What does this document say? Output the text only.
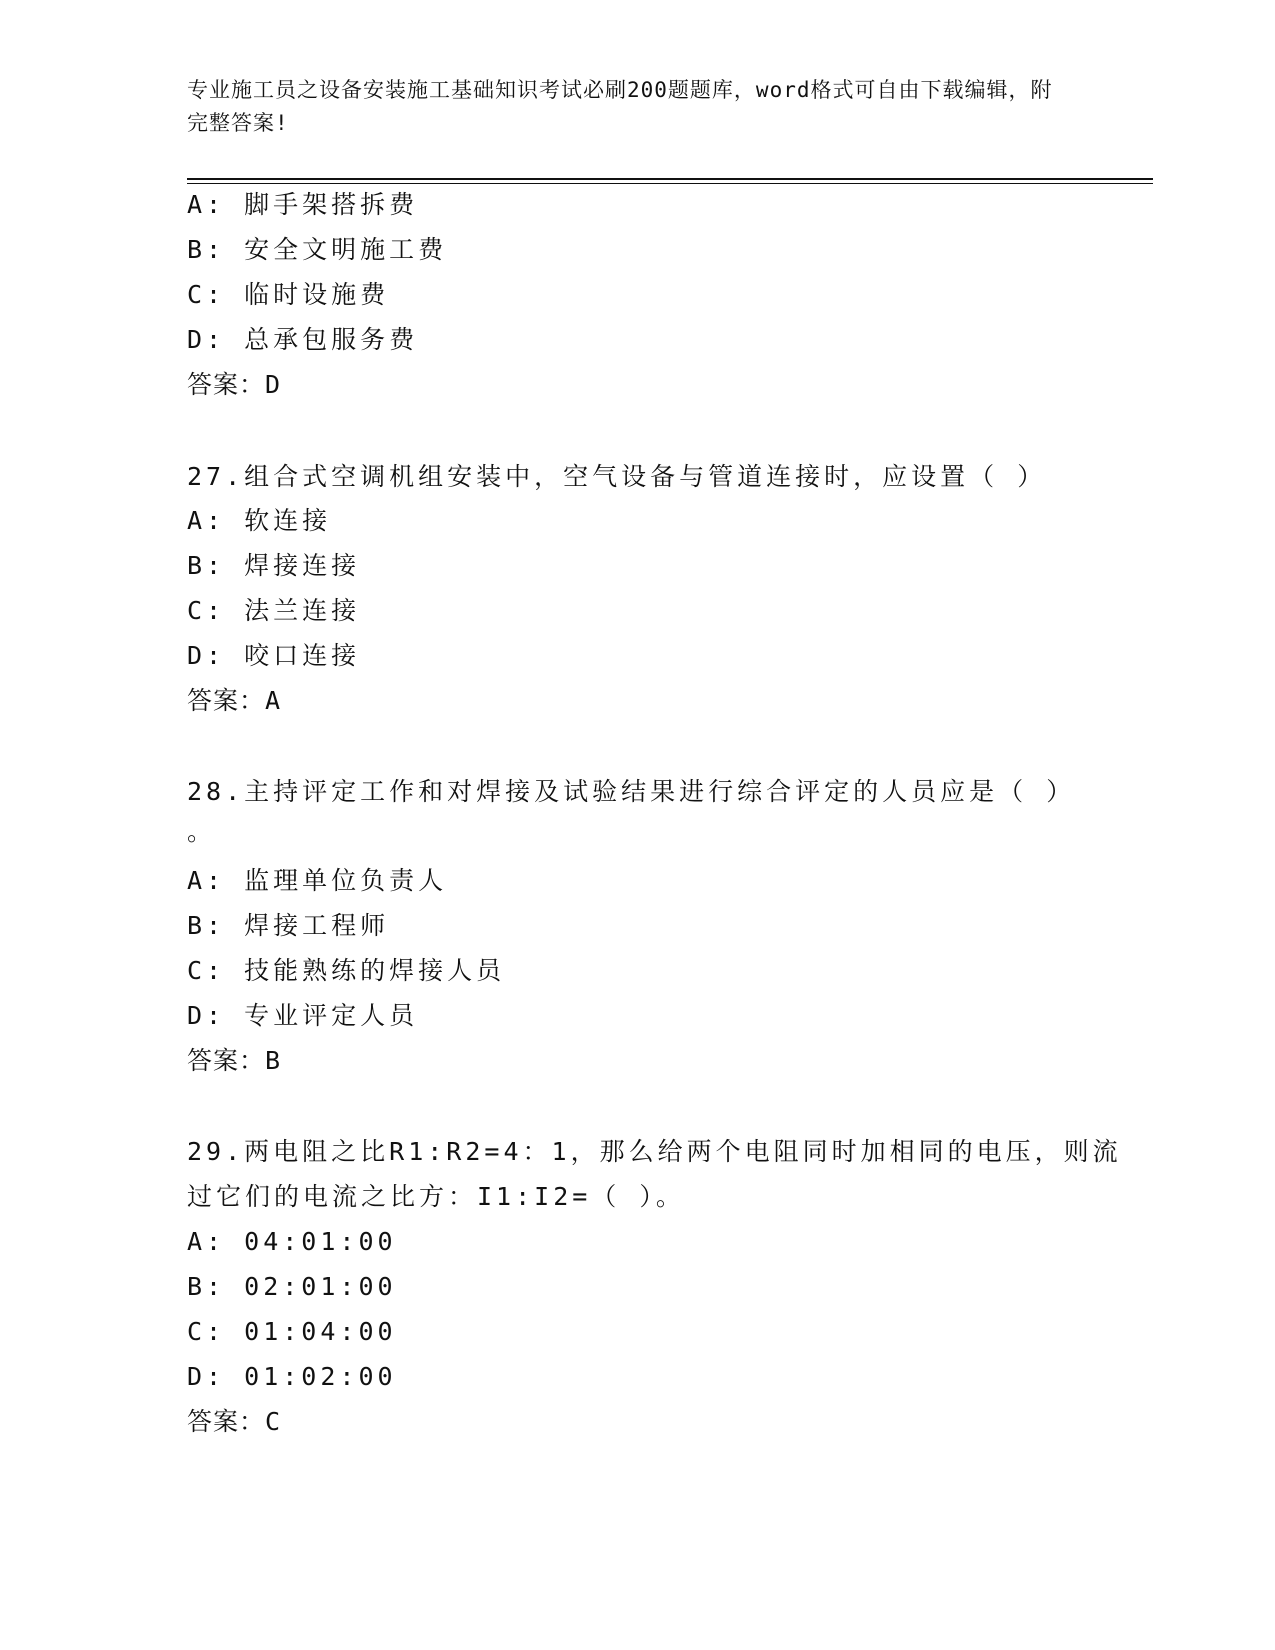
专业施工员之设备安装施工基础知识考试必刷200题题库，word格式可自由下载编辑，附完整答案!
A: 脚手架搭拆费
B: 安全文明施工费
C: 临时设施费
D: 总承包服务费
答案：D
27.组合式空调机组安装中，空气设备与管道连接时，应设置（ ）
A: 软连接
B: 焊接连接
C: 法兰连接
D: 咬口连接
答案：A
28.主持评定工作和对焊接及试验结果进行综合评定的人员应是（ ）
。
A: 监理单位负责人
B: 焊接工程师
C: 技能熟练的焊接人员
D: 专业评定人员
答案：B
29.两电阻之比R1:R2=4：1，那么给两个电阻同时加相同的电压，则流
过它们的电流之比方：I1:I2=（ ）。
A: 04:01:00
B: 02:01:00
C: 01:04:00
D: 01:02:00
答案：C
